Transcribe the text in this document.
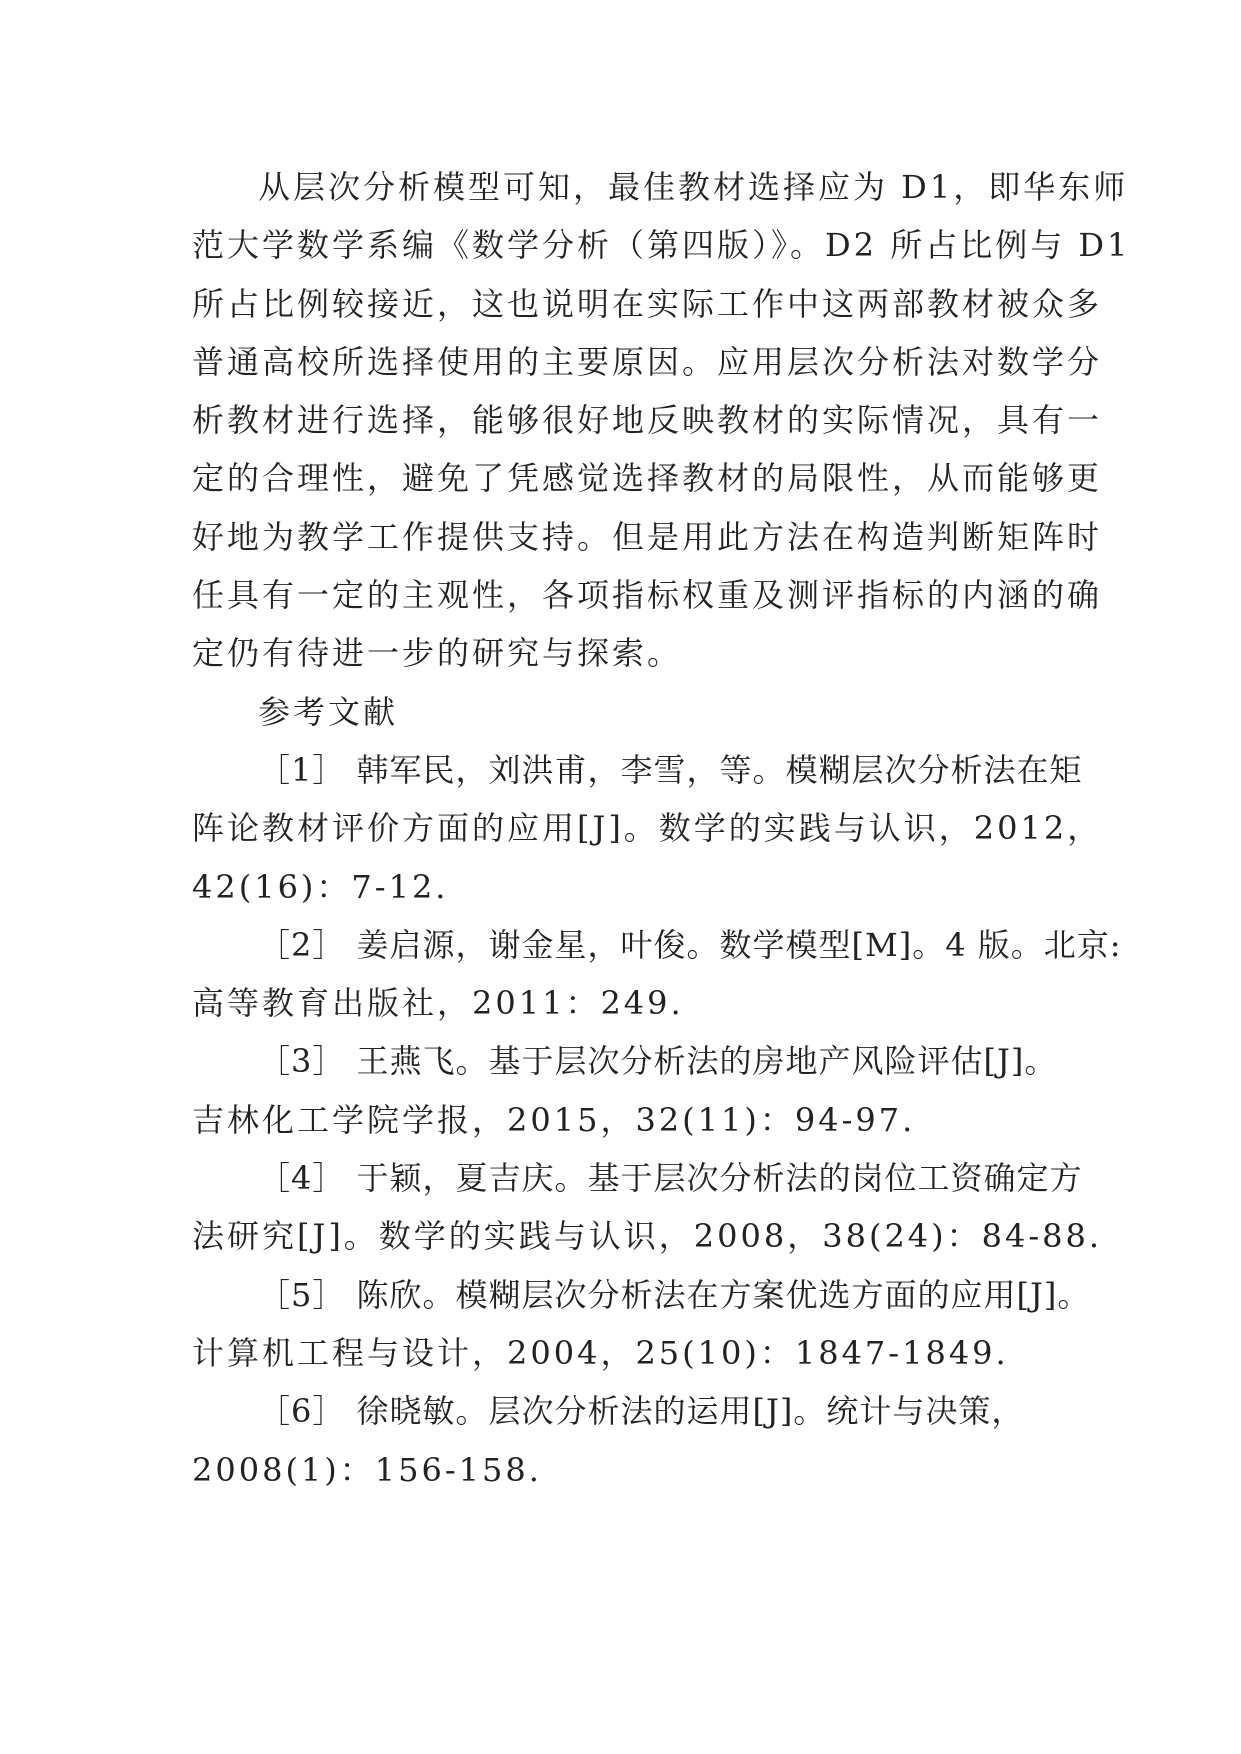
从层次分析模型可知，最佳教材选择应为 D1，即华东师
范大学数学系编《数学分析（第四版）》。D2 所占比例与 D1
所占比例较接近，这也说明在实际工作中这两部教材被众多
普通高校所选择使用的主要原因。应用层次分析法对数学分
析教材进行选择，能够很好地反映教材的实际情况，具有一
定的合理性，避免了凭感觉选择教材的局限性，从而能够更
好地为教学工作提供支持。但是用此方法在构造判断矩阵时
任具有一定的主观性，各项指标权重及测评指标的内涵的确
定仍有待进一步的研究与探索。
参考文献
［1］ 韩军民，刘洪甫，李雪，等。模糊层次分析法在矩
阵论教材评价方面的应用[J]。数学的实践与认识，2012，
42(16)：7-12.
［2］ 姜启源，谢金星，叶俊。数学模型[M]。4 版。北京:
高等教育出版社，2011：249.
［3］ 王燕飞。基于层次分析法的房地产风险评估[J]。
吉林化工学院学报，2015，32(11)：94-97.
［4］ 于颖，夏吉庆。基于层次分析法的岗位工资确定方
法研究[J]。数学的实践与认识，2008，38(24)：84-88.
［5］ 陈欣。模糊层次分析法在方案优选方面的应用[J]。
计算机工程与设计，2004，25(10)：1847-1849.
［6］ 徐晓敏。层次分析法的运用[J]。统计与决策，
2008(1)：156-158.
